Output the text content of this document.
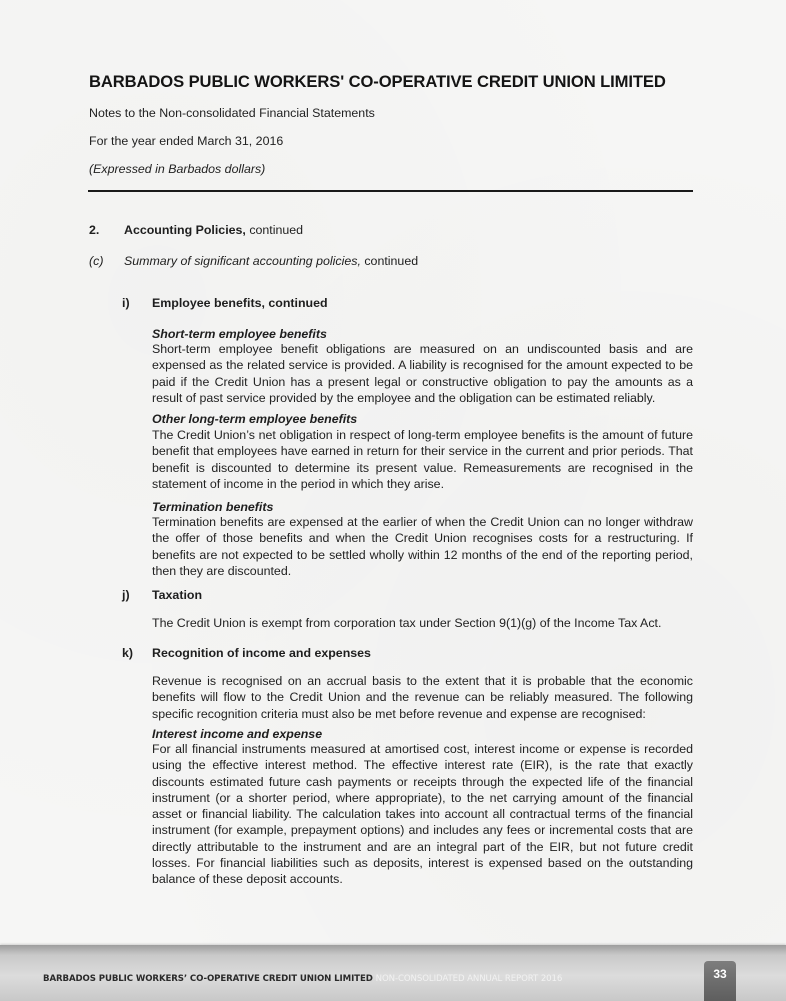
BARBADOS PUBLIC WORKERS' CO-OPERATIVE CREDIT UNION LIMITED
Notes to the Non-consolidated Financial Statements
For the year ended March 31, 2016
(Expressed in Barbados dollars)
2. Accounting Policies, continued
(c) Summary of significant accounting policies, continued
i) Employee benefits, continued
Short-term employee benefits
Short-term employee benefit obligations are measured on an undiscounted basis and are expensed as the related service is provided. A liability is recognised for the amount expected to be paid if the Credit Union has a present legal or constructive obligation to pay the amounts as a result of past service provided by the employee and the obligation can be estimated reliably.
Other long-term employee benefits
The Credit Union’s net obligation in respect of long-term employee benefits is the amount of future benefit that employees have earned in return for their service in the current and prior periods. That benefit is discounted to determine its present value. Remeasurements are recognised in the statement of income in the period in which they arise.
Termination benefits
Termination benefits are expensed at the earlier of when the Credit Union can no longer withdraw the offer of those benefits and when the Credit Union recognises costs for a restructuring. If benefits are not expected to be settled wholly within 12 months of the end of the reporting period, then they are discounted.
j) Taxation
The Credit Union is exempt from corporation tax under Section 9(1)(g) of the Income Tax Act.
k) Recognition of income and expenses
Revenue is recognised on an accrual basis to the extent that it is probable that the economic benefits will flow to the Credit Union and the revenue can be reliably measured. The following specific recognition criteria must also be met before revenue and expense are recognised:
Interest income and expense
For all financial instruments measured at amortised cost, interest income or expense is recorded using the effective interest method. The effective interest rate (EIR), is the rate that exactly discounts estimated future cash payments or receipts through the expected life of the financial instrument (or a shorter period, where appropriate), to the net carrying amount of the financial asset or financial liability. The calculation takes into account all contractual terms of the financial instrument (for example, prepayment options) and includes any fees or incremental costs that are directly attributable to the instrument and are an integral part of the EIR, but not future credit losses. For financial liabilities such as deposits, interest is expensed based on the outstanding balance of these deposit accounts.
BARBADOS PUBLIC WORKERS’ CO-OPERATIVE CREDIT UNION LIMITED NON-CONSOLIDATED ANNUAL REPORT 2016	33
